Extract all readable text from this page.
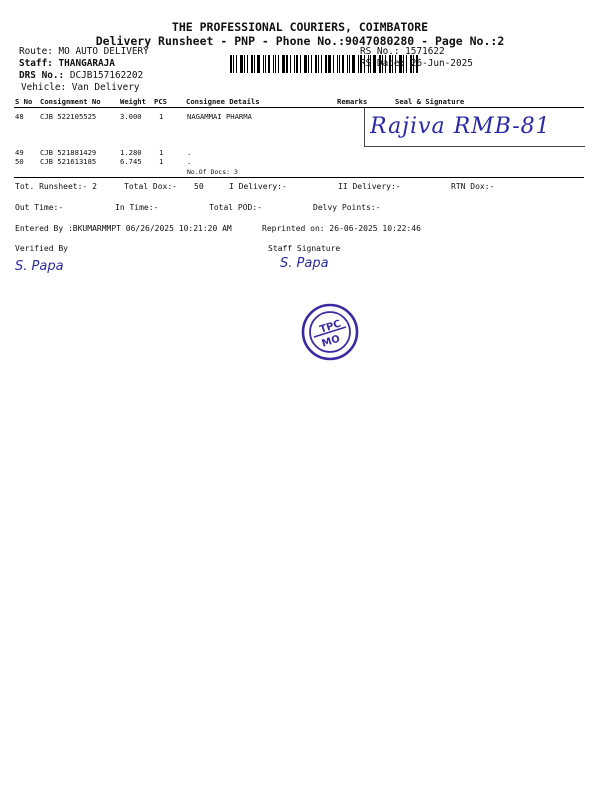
THE PROFESSIONAL COURIERS, COIMBATORE
Delivery Runsheet - PNP - Phone No.:9047080280 - Page No.:2
Route: MO AUTO DELIVERY
Staff: THANGARAJA
DRS No.: DCJB157162202
Vehicle: Van Delivery
RS No.: 1571622
RS Date: 26-Jun-2025
S No Consignment No	Weight PCS	Consignee Details	Remarks	Seal & Signature
48 CJB 522105525	3.000 1	NAGAMMAI PHARMA	Rajiva RMB-81
49 CJB 521881429	1.280 1	.
50 CJB 521613185	6.745 1	.
No.Of Docs: 3
Tot. Runsheet:- 2	Total Dox:- 50	I Delivery:-	II Delivery:-	RTN Dox:-
Out Time:-	In Time:-	Total POD:-	Delvy Points:-
Entered By :BKUMARMMPT 06/26/2025 10:21:20 AM	Reprinted on: 26-06-2025 10:22:46
Verified By	Staff Signature
S. Papa	S. Papa
TPC
MO
